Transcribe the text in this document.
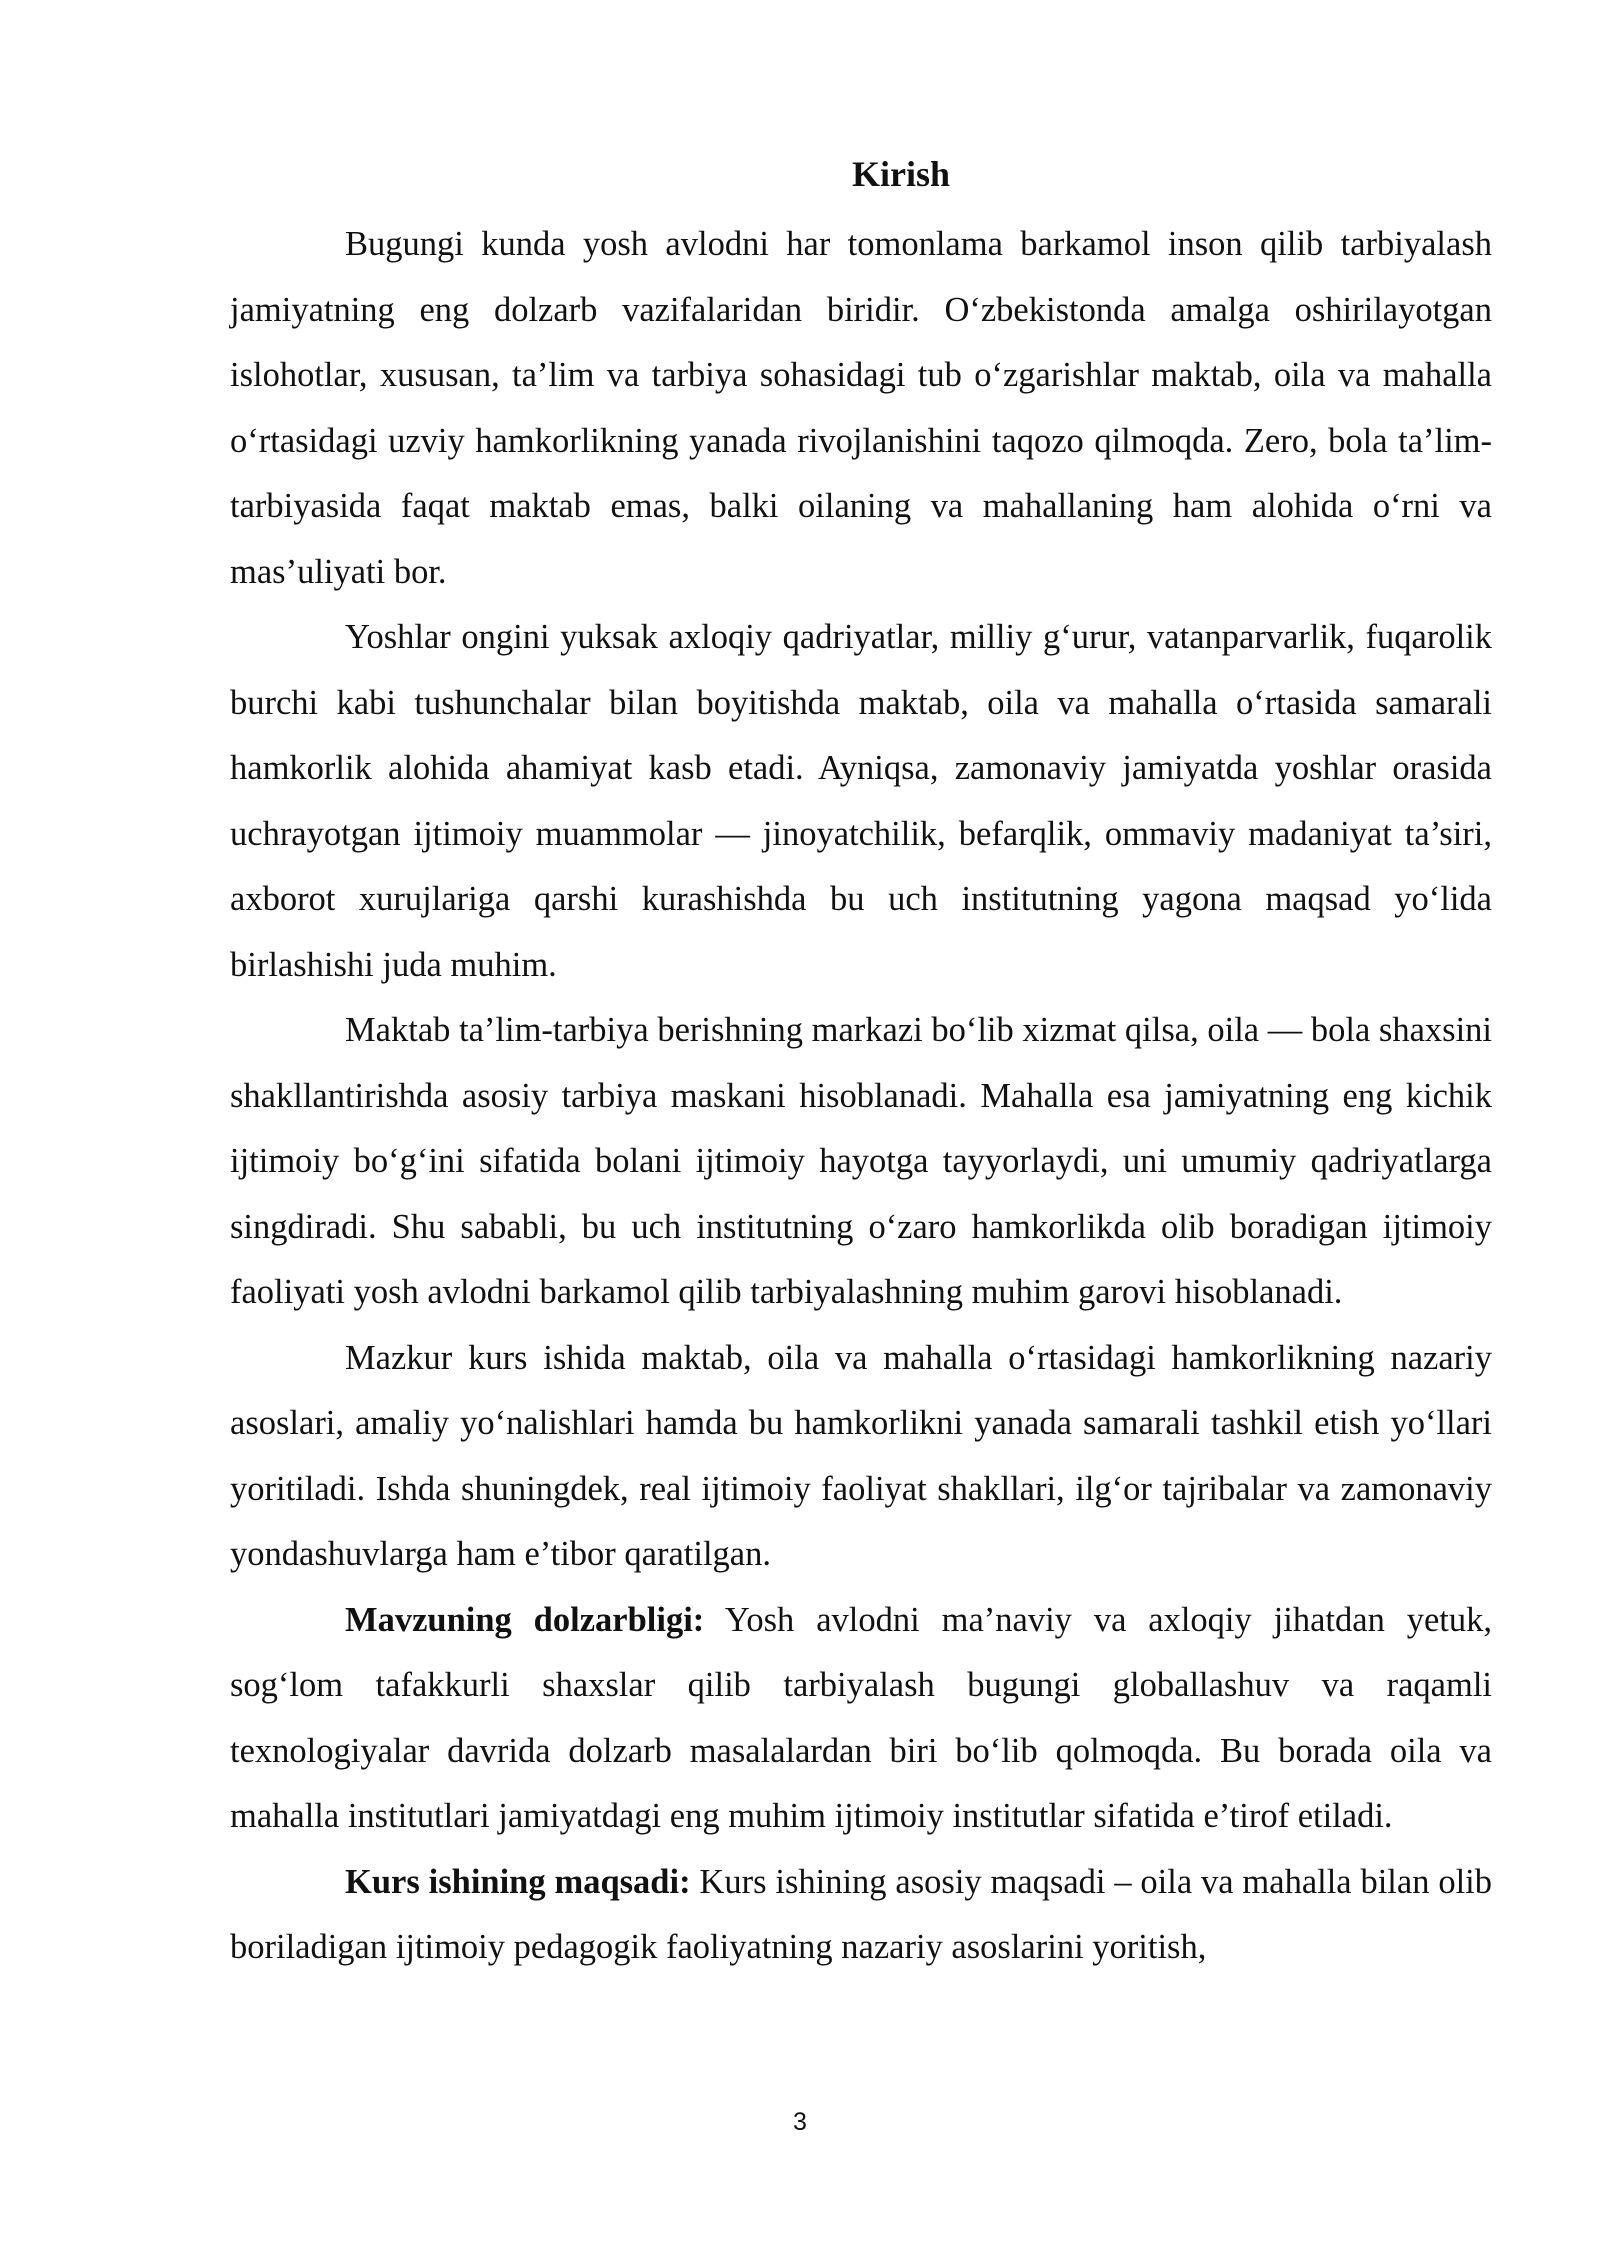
Kirish

Bugungi kunda yosh avlodni har tomonlama barkamol inson qilib tarbiyalash jamiyatning eng dolzarb vazifalaridan biridir. O‘zbekistonda amalga oshirilayotgan islohotlar, xususan, ta’lim va tarbiya sohasidagi tub o‘zgarishlar maktab, oila va mahalla o‘rtasidagi uzviy hamkorlikning yanada rivojlanishini taqozo qilmoqda. Zero, bola ta’lim-tarbiyasida faqat maktab emas, balki oilaning va mahallaning ham alohida o‘rni va mas’uliyati bor.

Yoshlar ongini yuksak axloqiy qadriyatlar, milliy g‘urur, vatanparvarlik, fuqarolik burchi kabi tushunchalar bilan boyitishda maktab, oila va mahalla o‘rtasida samarali hamkorlik alohida ahamiyat kasb etadi. Ayniqsa, zamonaviy jamiyatda yoshlar orasida uchrayotgan ijtimoiy muammolar — jinoyatchilik, befarqlik, ommaviy madaniyat ta’siri, axborot xurujlariga qarshi kurashishda bu uch institutning yagona maqsad yo‘lida birlashishi juda muhim.

Maktab ta’lim-tarbiya berishning markazi bo‘lib xizmat qilsa, oila — bola shaxsini shakllantirishda asosiy tarbiya maskani hisoblanadi. Mahalla esa jamiyatning eng kichik ijtimoiy bo‘g‘ini sifatida bolani ijtimoiy hayotga tayyorlaydi, uni umumiy qadriyatlarga singdiradi. Shu sababli, bu uch institutning o‘zaro hamkorlikda olib boradigan ijtimoiy faoliyati yosh avlodni barkamol qilib tarbiyalashning muhim garovi hisoblanadi.

Mazkur kurs ishida maktab, oila va mahalla o‘rtasidagi hamkorlikning nazariy asoslari, amaliy yo‘nalishlari hamda bu hamkorlikni yanada samarali tashkil etish yo‘llari yoritiladi. Ishda shuningdek, real ijtimoiy faoliyat shakllari, ilg‘or tajribalar va zamonaviy yondashuvlarga ham e’tibor qaratilgan.

Mavzuning dolzarbligi: Yosh avlodni ma’naviy va axloqiy jihatdan yetuk, sog‘lom tafakkurli shaxslar qilib tarbiyalash bugungi globallashuv va raqamli texnologiyalar davrida dolzarb masalalardan biri bo‘lib qolmoqda. Bu borada oila va mahalla institutlari jamiyatdagi eng muhim ijtimoiy institutlar sifatida e’tirof etiladi.

Kurs ishining maqsadi: Kurs ishining asosiy maqsadi – oila va mahalla bilan olib boriladigan ijtimoiy pedagogik faoliyatning nazariy asoslarini yoritish,

3
